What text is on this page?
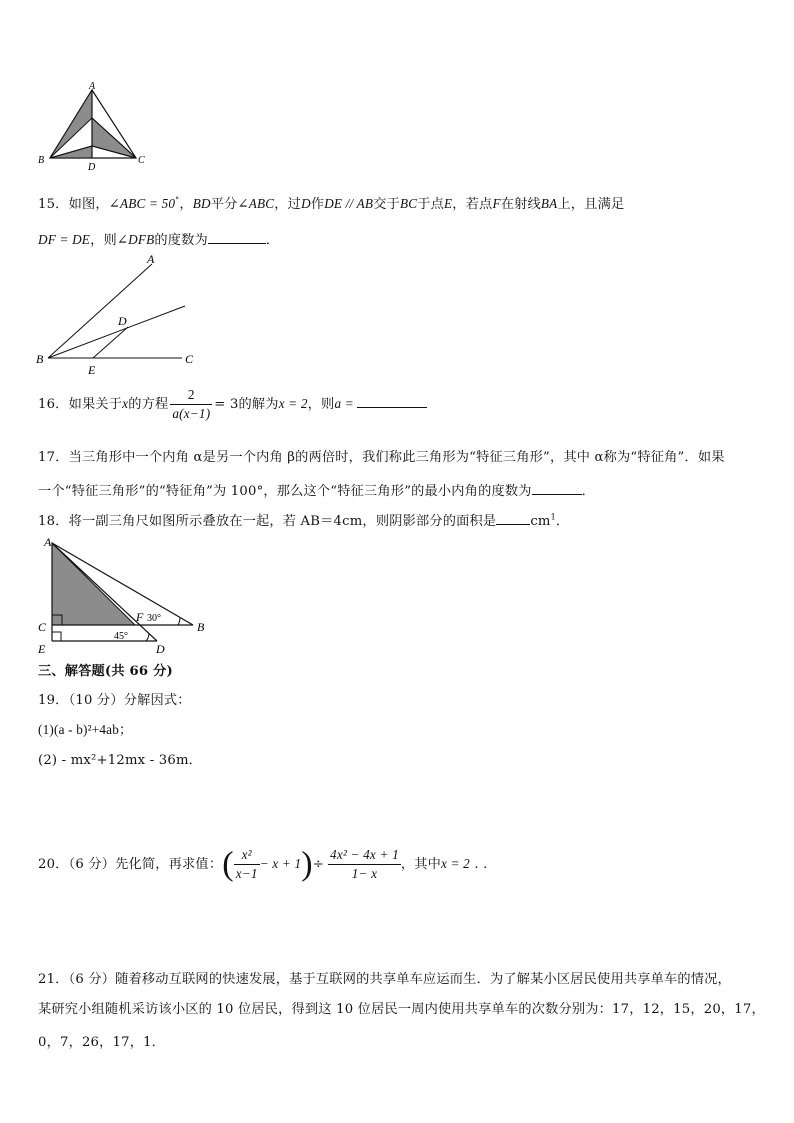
A
B	C
D
15．如图，∠ABC = 50°，BD平分∠ABC，过D作DE // AB交于BC于点E，若点F在射线BA上，且满足
DF = DE，则∠DFB的度数为	．
A
B	C
D
E
16．如果关于x的方程 $\frac{2}{a(x-1)} = 3$的解为x = 2，则a =
17．当三角形中一个内角 α是另一个内角 β的两倍时，我们称此三角形为“特征三角形”，其中 α称为“特征角”．如果
一个“特征三角形”的“特征角”为 100°，那么这个“特征三角形”的最小内角的度数为	．
18．将一副三角尺如图所示叠放在一起，若 AB＝4cm，则阴影部分的面积是	$cm^1$．
A
C
E
F
B
D
30°
45°
三、解答题(共 66 分)
19．（10 分）分解因式：
(1)(a - b)²+4ab；
(2) - mx²+12mx - 36m．
20．（6 分）先化简，再求值：( $\frac{\text{x²}}{x-1} - x + 1)\div \frac{\text{4x² − 4x + 1}}{1- x}$ ，其中x = 2 . .
21．（6 分）随着移动互联网的快速发展，基于互联网的共享单车应运而生．为了解某小区居民使用共享单车的情况，
某研究小组随机采访该小区的 10 位居民，得到这 10 位居民一周内使用共享单车的次数分别为：17，12，15，20，17，
0，7，26，17，1．
